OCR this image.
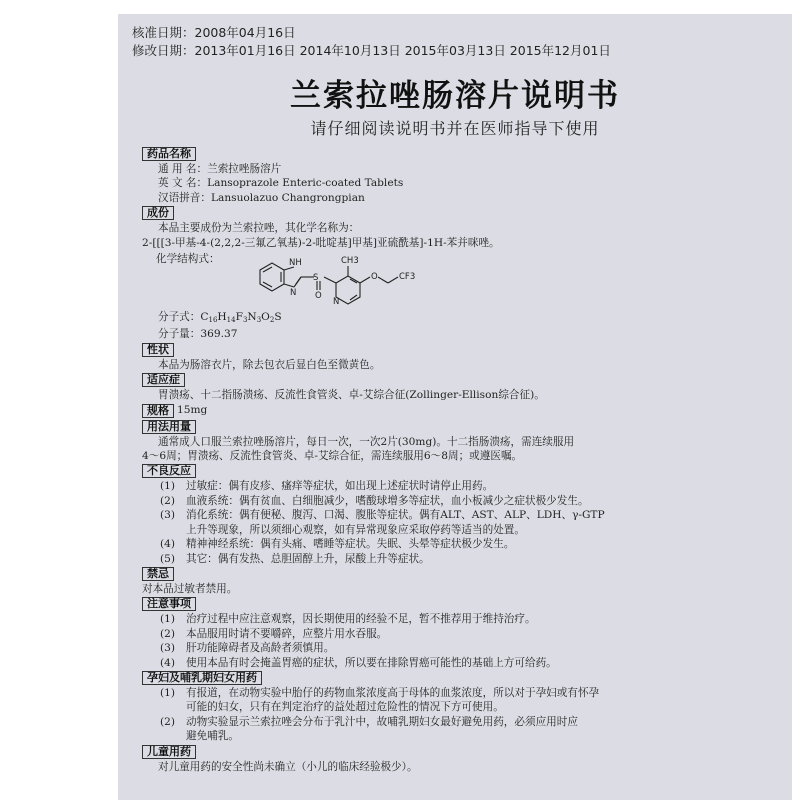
核准日期：2008年04月16日
修改日期：2013年01月16日 2014年10月13日 2015年03月13日 2015年12月01日
兰索拉唑肠溶片说明书
请仔细阅读说明书并在医师指导下使用
药品名称
通 用 名：兰索拉唑肠溶片
英 文 名：Lansoprazole Enteric-coated Tablets
汉语拼音：Lansuolazuo Changrongpian
成份
本品主要成份为兰索拉唑，其化学名称为：
2-[[[3-甲基-4-(2,2,2-三氟乙氧基)-2-吡啶基]甲基]亚硫酰基]-1H-苯并咪唑。
化学结构式：	NH
N
S
O
N
CH3
O	CF3
分子式：$C_{16}H_{14}F_3N_3O_2S$
分子量：369.37
性状
本品为肠溶衣片，除去包衣后显白色至微黄色。
适应症
胃溃疡、十二指肠溃疡、反流性食管炎、卓-艾综合征(Zollinger-Ellison综合征)。
规格 15mg
用法用量
通常成人口服兰索拉唑肠溶片，每日一次，一次2片(30mg)。十二指肠溃疡，需连续服用
4～6周；胃溃疡、反流性食管炎、卓-艾综合征，需连续服用6～8周；或遵医嘱。
不良反应
(1)	过敏症：偶有皮疹、瘙痒等症状，如出现上述症状时请停止用药。
(2)	血液系统：偶有贫血、白细胞减少，嗜酸球增多等症状，血小板减少之症状极少发生。
(3)	消化系统：偶有便秘、腹泻、口渴、腹胀等症状。偶有ALT、AST、ALP、LDH、γ-GTP
上升等现象，所以须细心观察，如有异常现象应采取停药等适当的处置。
(4)	精神神经系统：偶有头痛、嗜睡等症状。失眠、头晕等症状极少发生。
(5)	其它：偶有发热、总胆固醇上升，尿酸上升等症状。
禁忌
对本品过敏者禁用。
注意事项
(1)	治疗过程中应注意观察，因长期使用的经验不足，暂不推荐用于维持治疗。
(2)	本品服用时请不要嚼碎，应整片用水吞服。
(3)	肝功能障碍者及高龄者须慎用。
(4)	使用本品有时会掩盖胃癌的症状，所以要在排除胃癌可能性的基础上方可给药。
孕妇及哺乳期妇女用药
(1)	有报道，在动物实验中胎仔的药物血浆浓度高于母体的血浆浓度，所以对于孕妇或有怀孕
可能的妇女，只有在判定治疗的益处超过危险性的情况下方可使用。
(2)	动物实验显示兰索拉唑会分布于乳汁中，故哺乳期妇女最好避免用药，必须应用时应
避免哺乳。
儿童用药
对儿童用药的安全性尚未确立（小儿的临床经验极少）。
